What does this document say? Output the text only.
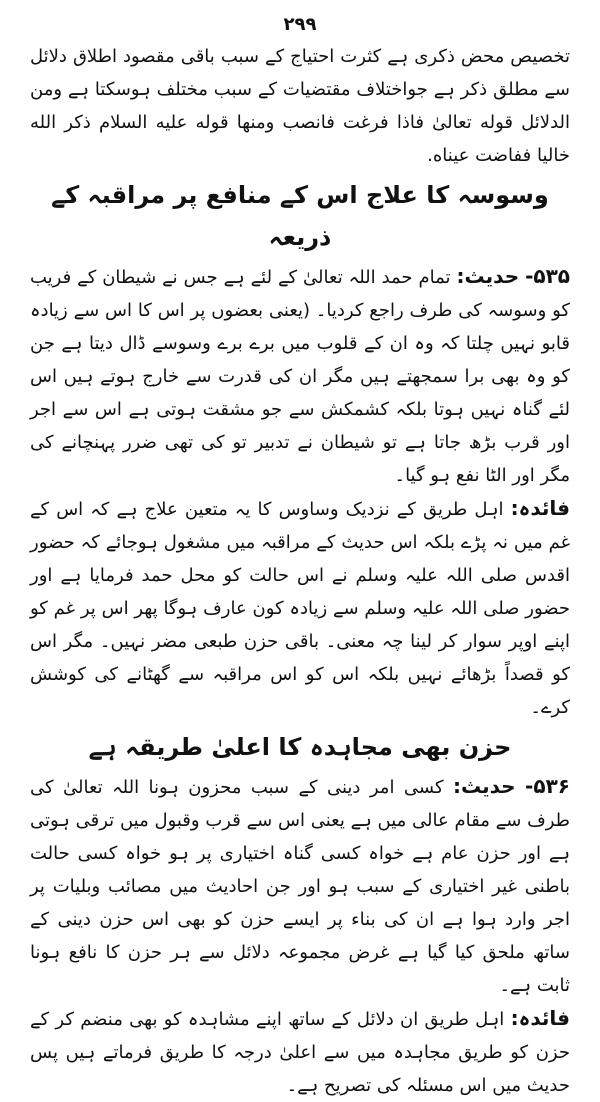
٢٩٩

تخصیص محض ذکری ہے کثرت احتیاج کے سبب باقی مقصود اطلاق دلائل سے مطلق ذکر ہے جواختلاف مقتضیات کے سبب مختلف ہوسکتا ہے ومن الدلائل قوله تعالىٰ فاذا فرغت فانصب ومنها قوله عليه السلام ذكر الله خاليا ففاضت عيناه.

وسوسہ کا علاج اس کے منافع پر مراقبہ کے ذریعہ

۵۳۵- حدیث: تمام حمد اللہ تعالیٰ کے لئے ہے جس نے شیطان کے فریب کو وسوسہ کی طرف راجع کردیا۔ (یعنی بعضوں پر اس کا اس سے زیادہ قابو نہیں چلتا کہ وہ ان کے قلوب میں برے برے وسوسے ڈال دیتا ہے جن کو وہ بھی برا سمجھتے ہیں مگر ان کی قدرت سے خارج ہوتے ہیں اس لئے گناہ نہیں ہوتا بلکہ کشمکش سے جو مشقت ہوتی ہے اس سے اجر اور قرب بڑھ جاتا ہے تو شیطان نے تدبیر تو کی تھی ضرر پہنچانے کی مگر اور الٹا نفع ہو گیا۔

فائدہ: اہل طریق کے نزدیک وساوس کا یہ متعین علاج ہے کہ اس کے غم میں نہ پڑے بلکہ اس حدیث کے مراقبہ میں مشغول ہوجائے کہ حضور اقدس صلی اللہ علیہ وسلم نے اس حالت کو محل حمد فرمایا ہے اور حضور صلی اللہ علیہ وسلم سے زیادہ کون عارف ہوگا پھر اس پر غم کو اپنے اوپر سوار کر لینا چہ معنی۔ باقی حزن طبعی مضر نہیں۔ مگر اس کو قصداً بڑھائے نہیں بلکہ اس کو اس مراقبہ سے گھٹانے کی کوشش کرے۔

حزن بھی مجاہدہ کا اعلیٰ طریقہ ہے

۵۳۶- حدیث: کسی امر دینی کے سبب محزون ہونا اللہ تعالیٰ کی طرف سے مقام عالی میں ہے یعنی اس سے قرب وقبول میں ترقی ہوتی ہے اور حزن عام ہے خواہ کسی گناہ اختیاری پر ہو خواہ کسی حالت باطنی غیر اختیاری کے سبب ہو اور جن احادیث میں مصائب وبلیات پر اجر وارد ہوا ہے ان کی بناء پر ایسے حزن کو بھی اس حزن دینی کے ساتھ ملحق کیا گیا ہے غرض مجموعہ دلائل سے ہر حزن کا نافع ہونا ثابت ہے۔

فائدہ: اہل طریق ان دلائل کے ساتھ اپنے مشاہدہ کو بھی منضم کر کے حزن کو طریق مجاہدہ میں سے اعلیٰ درجہ کا طریق فرماتے ہیں پس حدیث میں اس مسئلہ کی تصریح ہے۔
